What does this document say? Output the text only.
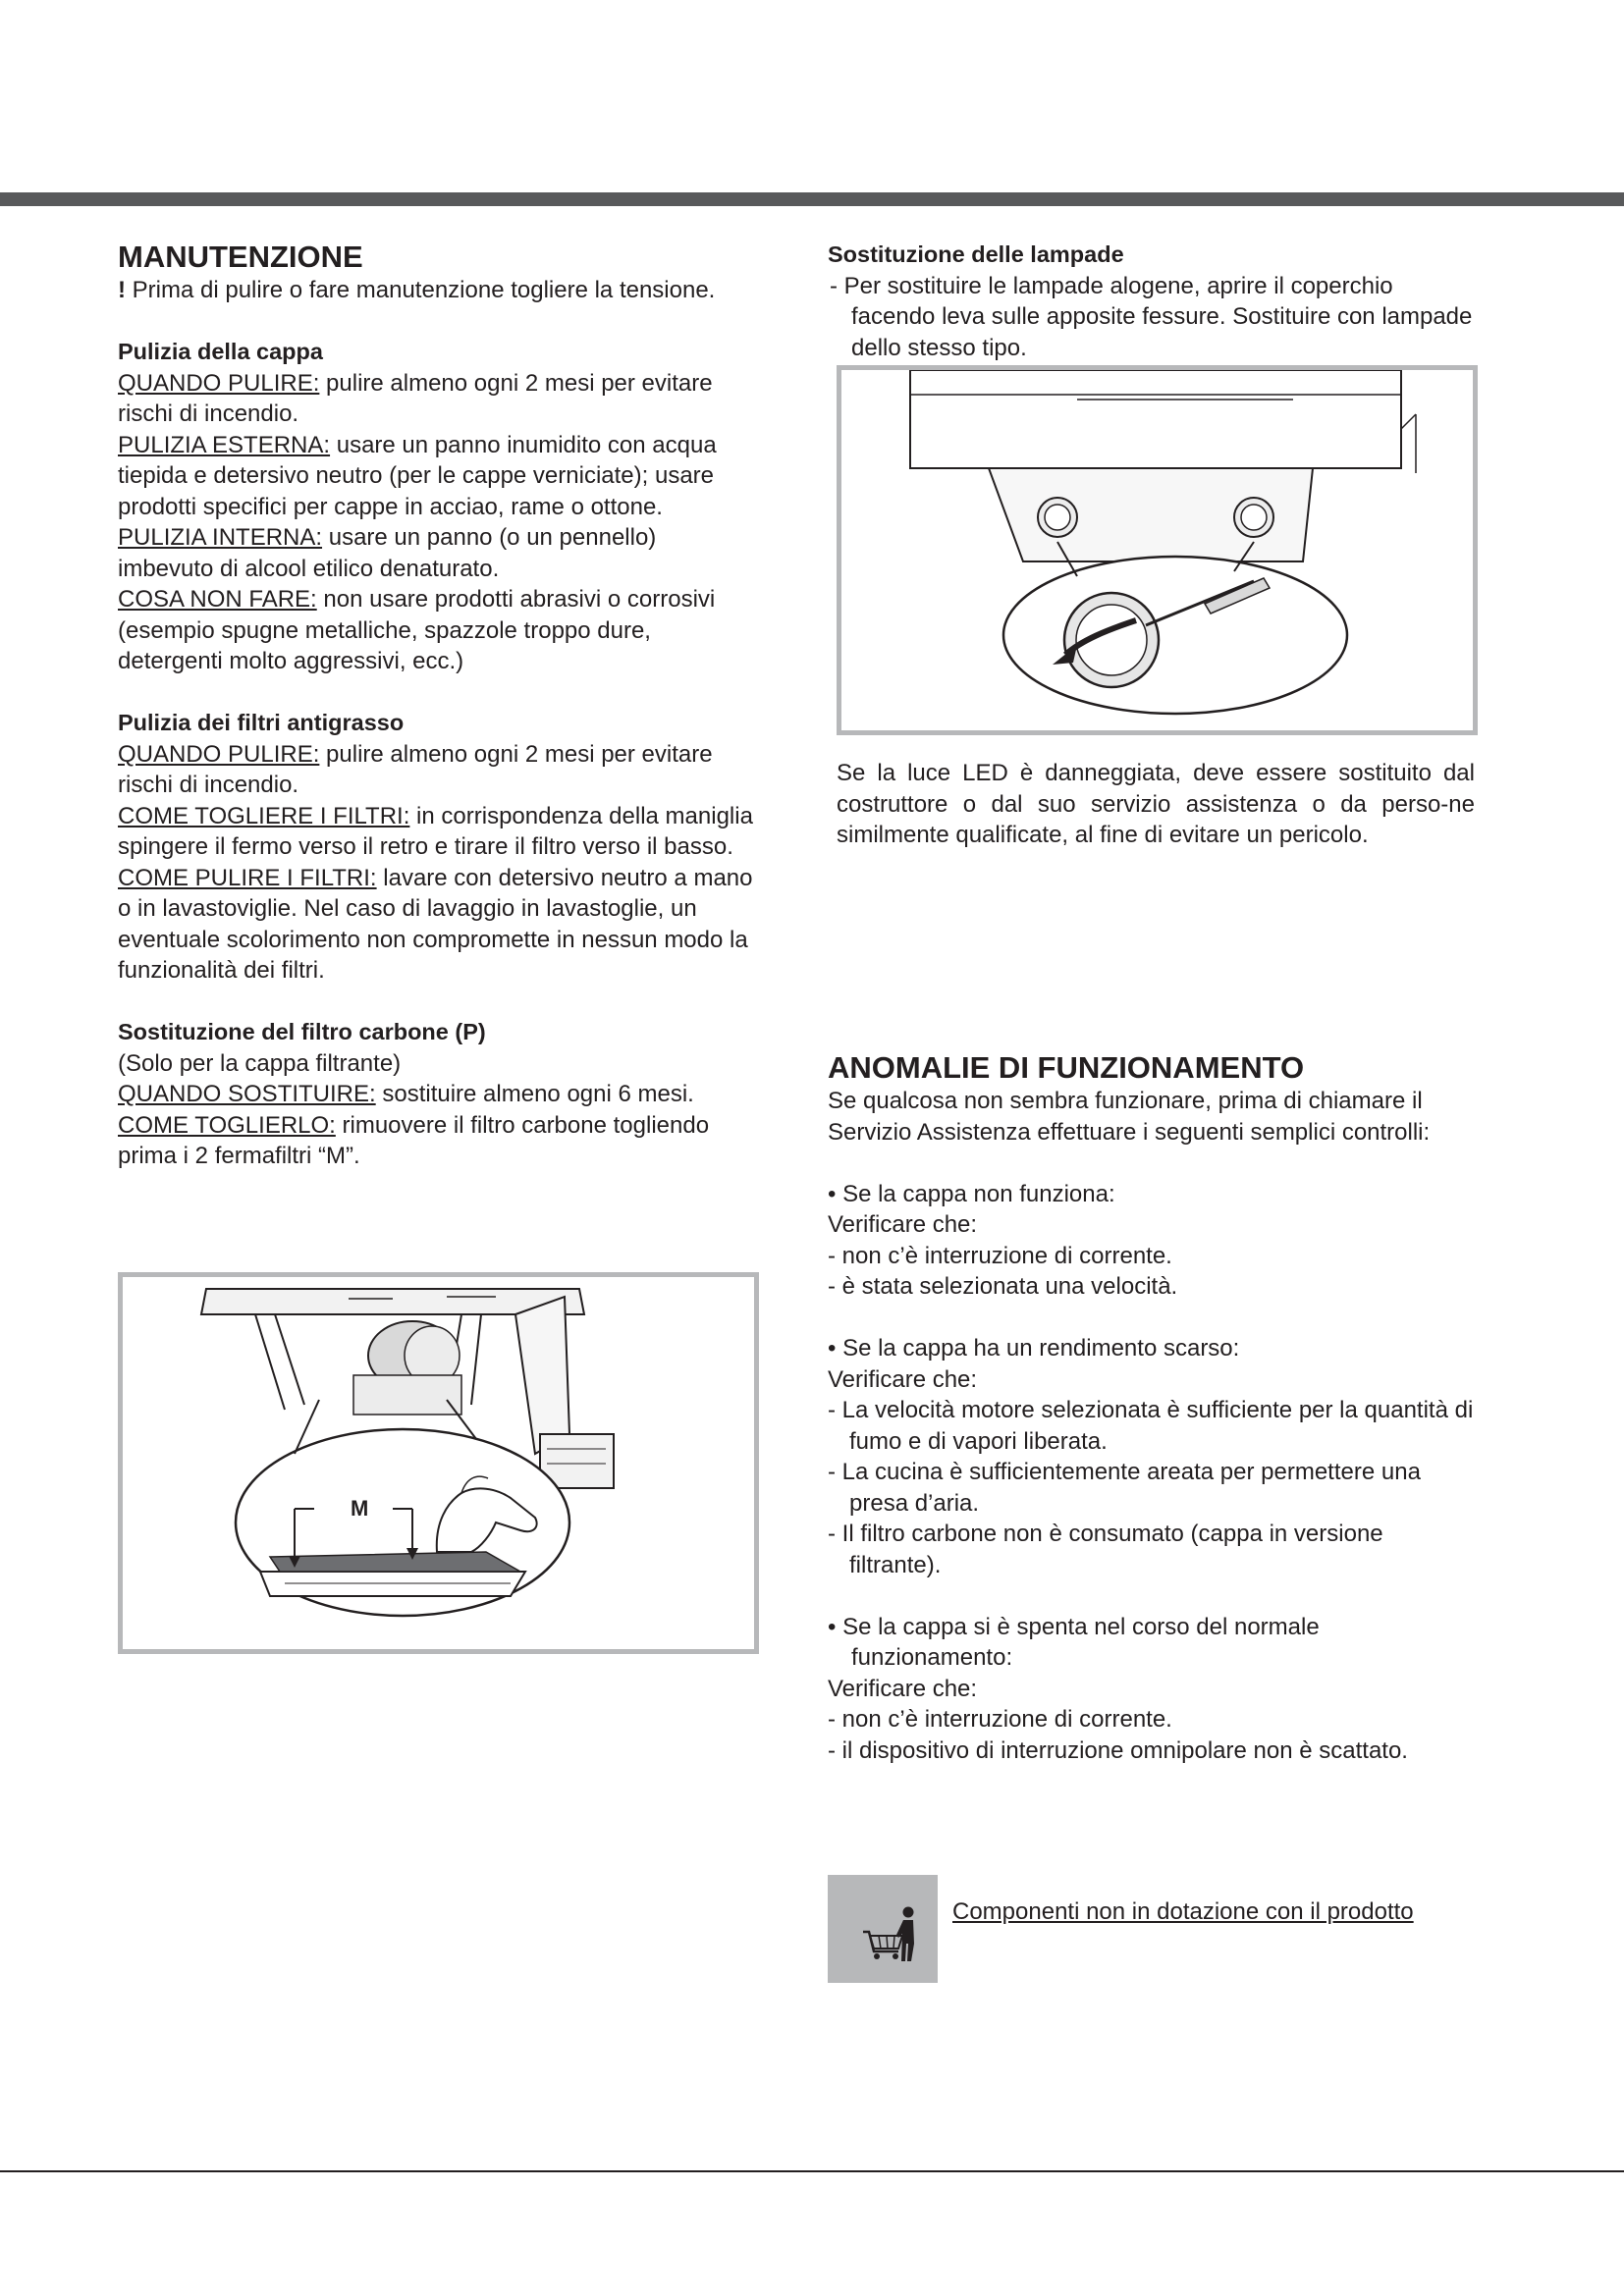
MANUTENZIONE

! Prima di pulire o fare manutenzione togliere la tensione.

Pulizia della cappa

QUANDO PULIRE: pulire almeno ogni 2 mesi per evitare rischi di incendio.

PULIZIA ESTERNA: usare un panno inumidito con acqua tiepida e detersivo neutro (per le cappe verniciate); usare prodotti specifici per cappe in acciao, rame o ottone.

PULIZIA INTERNA: usare un panno (o un pennello) imbevuto di alcool etilico denaturato.

COSA NON FARE: non usare prodotti abrasivi o corrosivi (esempio spugne metalliche, spazzole troppo dure, detergenti molto aggressivi, ecc.)

Pulizia dei filtri antigrasso

QUANDO PULIRE: pulire almeno ogni 2 mesi per evitare rischi di incendio.

COME TOGLIERE I FILTRI: in corrispondenza della maniglia spingere il fermo verso il retro e tirare il filtro verso il basso.

COME PULIRE I FILTRI: lavare con detersivo neutro a mano o in lavastoviglie. Nel caso di lavaggio in lavastoglie, un eventuale scolorimento non compromette in nessun modo la funzionalità dei filtri.

Sostituzione del filtro carbone (P)

(Solo per la cappa filtrante)

QUANDO SOSTITUIRE: sostituire almeno ogni 6 mesi.

COME TOGLIERLO: rimuovere il filtro carbone togliendo prima i 2 fermafiltri “M”.

M
Sostituzione delle lampade

- Per sostituire le lampade alogene, aprire il coperchio facendo leva sulle apposite fessure. Sostituire con lampade dello stesso tipo.

Se la luce LED è danneggiata, deve essere sostituito dal costruttore o dal suo servizio assistenza o da perso-ne similmente qualificate, al fine di evitare un pericolo.

ANOMALIE DI FUNZIONAMENTO

Se qualcosa non sembra funzionare, prima di chiamare il Servizio Assistenza effettuare i seguenti semplici controlli:

• Se la cappa non funziona:

Verificare che:

- non c’è interruzione di corrente.

- è stata selezionata una velocità.

• Se la cappa ha un rendimento scarso:

Verificare che:

- La velocità motore selezionata è sufficiente per la quantità di fumo e di vapori liberata.

- La cucina è sufficientemente areata per permettere una presa d’aria.

- Il filtro carbone non è consumato (cappa in versione filtrante).

• Se la cappa si è spenta nel corso del normale funzionamento:

Verificare che:

- non c’è interruzione di corrente.

- il dispositivo di interruzione omnipolare non è scattato.

Componenti non in dotazione con il prodotto
